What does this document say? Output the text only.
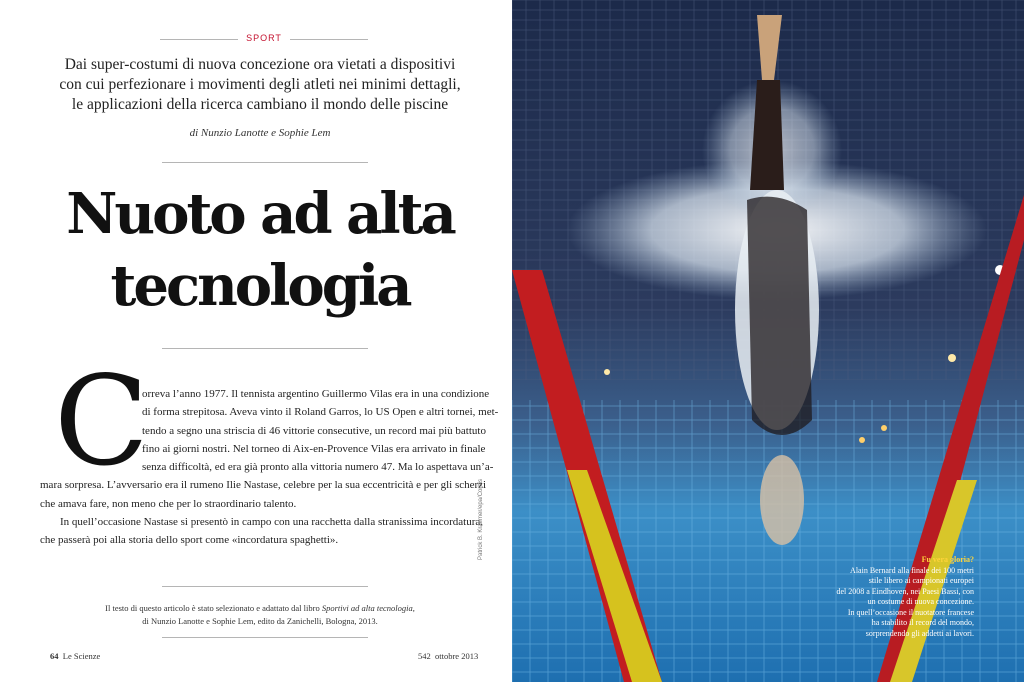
SPORT
Dai super-costumi di nuova concezione ora vietati a dispositivi
con cui perfezionare i movimenti degli atleti nei minimi dettagli,
le applicazioni della ricerca cambiano il mondo delle piscine
di Nunzio Lanotte e Sophie Lem
Nuoto ad alta
tecnologia
C
orreva l’anno 1977. Il tennista argentino Guillermo Vilas era in una condizione
di forma strepitosa. Aveva vinto il Roland Garros, lo US Open e altri tornei, met-
tendo a segno una striscia di 46 vittorie consecutive, un record mai più battuto
fino ai giorni nostri. Nel torneo di Aix-en-Provence Vilas era arrivato in finale
senza difficoltà, ed era già pronto alla vittoria numero 47. Ma lo aspettava un’a-
mara sorpresa. L’avversario era il rumeno Ilie Nastase, celebre per la sua eccentricità e per gli scherzi
che amava fare, non meno che per lo straordinario talento.
In quell’occasione Nastase si presentò in campo con una racchetta dalla stranissima incordatura,
che passerà poi alla storia dello sport come «incordatura spaghetti».
Il testo di questo articolo è stato selezionato e adattato dal libro Sportivi ad alta tecnologia,
di Nunzio Lanotte e Sophie Lem, edito da Zanichelli, Bologna, 2013.
64 Le Scienze	542 ottobre 2013
Patrick B. Kraemer/epa/Corbis	Fu vera gloria?
Alain Bernard alla finale dei 100 metri
stile libero ai campionati europei
del 2008 a Eindhoven, nei Paesi Bassi, con
un costume di nuova concezione.
In quell’occasione il nuotatore francese
ha stabilito il record del mondo,
sorprendendo gli addetti ai lavori.
